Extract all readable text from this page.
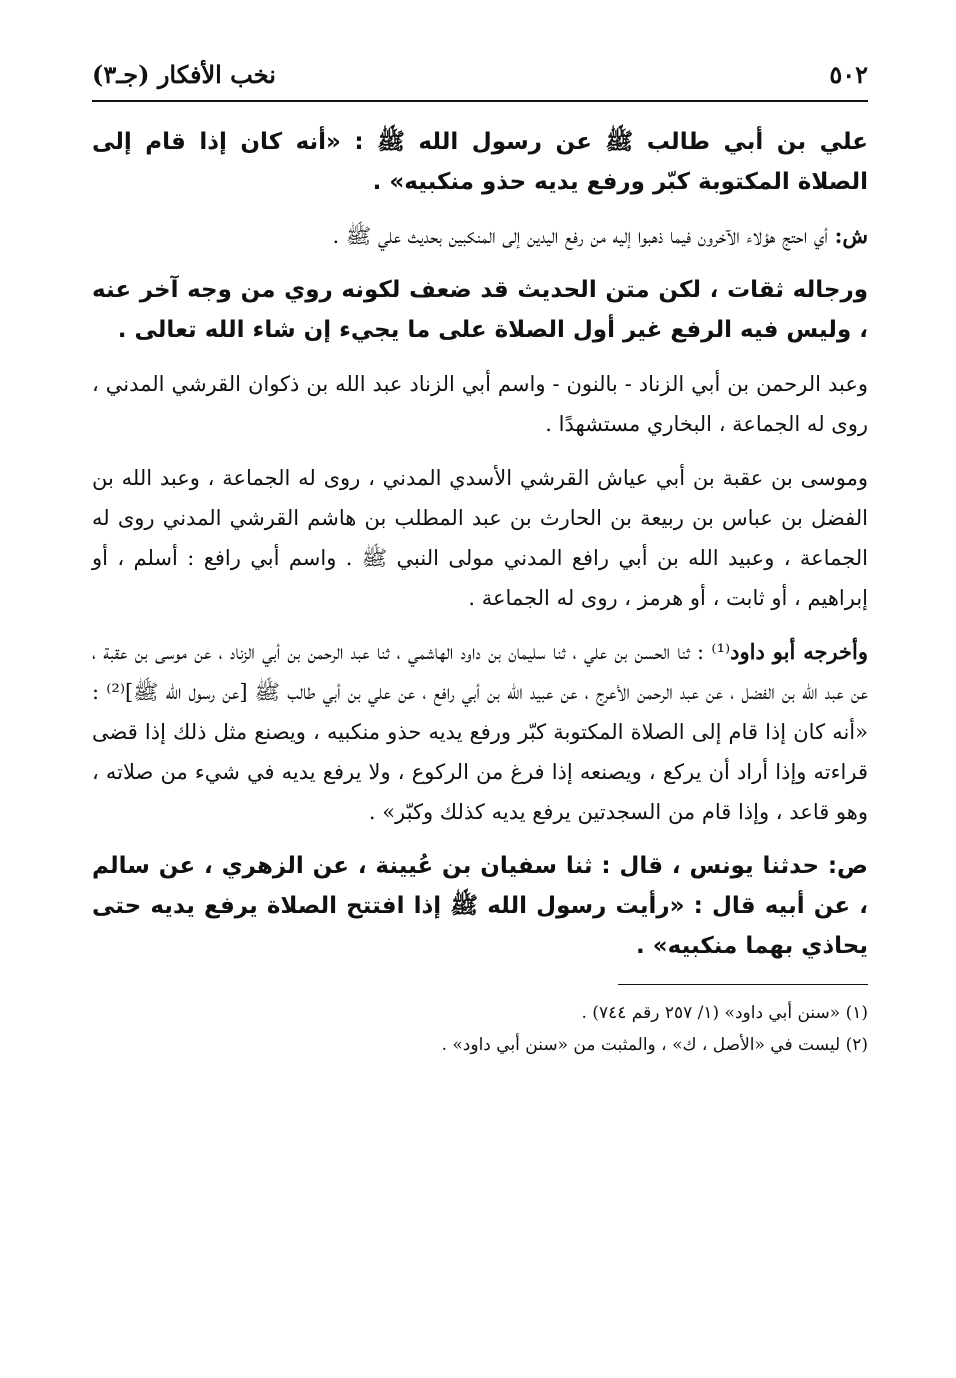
٥٠٢
نخب الأفكار (جـ٣)

علي بن أبي طالب ﷺ عن رسول الله ﷺ : «أنه كان إذا قام إلى الصلاة المكتوبة كبّر ورفع يديه حذو منكبيه» .

ش: أي احتج هؤلاء الآخرون فيما ذهبوا إليه من رفع اليدين إلى المنكبين بحديث علي ﷺ .

ورجاله ثقات ، لكن متن الحديث قد ضعف لكونه روي من وجه آخر عنه ، وليس فيه الرفع غير أول الصلاة على ما يجيء إن شاء الله تعالى .

وعبد الرحمن بن أبي الزناد - بالنون - واسم أبي الزناد عبد الله بن ذكوان القرشي المدني ، روى له الجماعة ، البخاري مستشهدًا .

وموسى بن عقبة بن أبي عياش القرشي الأسدي المدني ، روى له الجماعة ، وعبد الله بن الفضل بن عباس بن ربيعة بن الحارث بن عبد المطلب بن هاشم القرشي المدني روى له الجماعة ، وعبيد الله بن أبي رافع المدني مولى النبي ﷺ . واسم أبي رافع : أسلم ، أو إبراهيم ، أو ثابت ، أو هرمز ، روى له الجماعة .

وأخرجه أبو داود⁽¹⁾ : ثنا الحسن بن علي ، ثنا سليمان بن داود الهاشمي ، ثنا عبد الرحمن بن أبي الزناد ، عن موسى بن عقبة ، عن عبد الله بن الفضل ، عن عبد الرحمن الأعرج ، عن عبيد الله بن أبي رافع ، عن علي بن أبي طالب ﷺ [عن رسول الله ﷺ]⁽²⁾ : «أنه كان إذا قام إلى الصلاة المكتوبة كبّر ورفع يديه حذو منكبيه ، ويصنع مثل ذلك إذا قضى قراءته وإذا أراد أن يركع ، ويصنعه إذا فرغ من الركوع ، ولا يرفع يديه في شيء من صلاته ، وهو قاعد ، وإذا قام من السجدتين يرفع يديه كذلك وكبّر» .

ص: حدثنا يونس ، قال : ثنا سفيان بن عُيينة ، عن الزهري ، عن سالم ، عن أبيه قال : «رأيت رسول الله ﷺ إذا افتتح الصلاة يرفع يديه حتى يحاذي بهما منكبيه» .

(١) «سنن أبي داود» (١/ ٢٥٧ رقم ٧٤٤) .

(٢) ليست في «الأصل ، ك» ، والمثبت من «سنن أبي داود» .
